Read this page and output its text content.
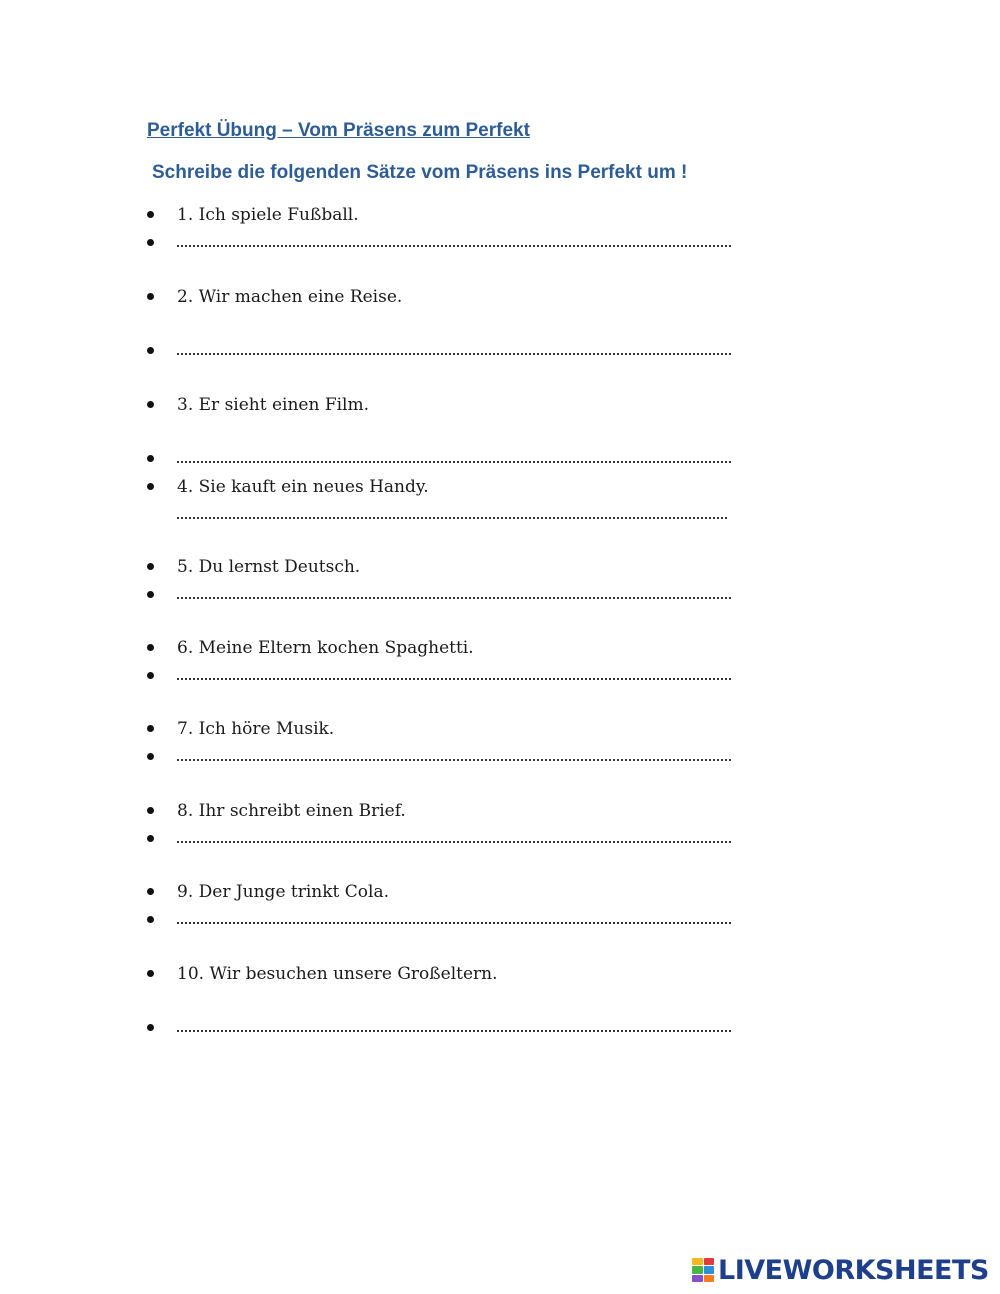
Perfekt Übung – Vom Präsens zum Perfekt
Schreibe die folgenden Sätze vom Präsens ins Perfekt um !
1. Ich spiele Fußball.
2. Wir machen eine Reise.
3. Er sieht einen Film.
4. Sie kauft ein neues Handy.
5. Du lernst Deutsch.
6. Meine Eltern kochen Spaghetti.
7. Ich höre Musik.
8. Ihr schreibt einen Brief.
9. Der Junge trinkt Cola.
10. Wir besuchen unsere Großeltern.
LIVEWORKSHEETS
